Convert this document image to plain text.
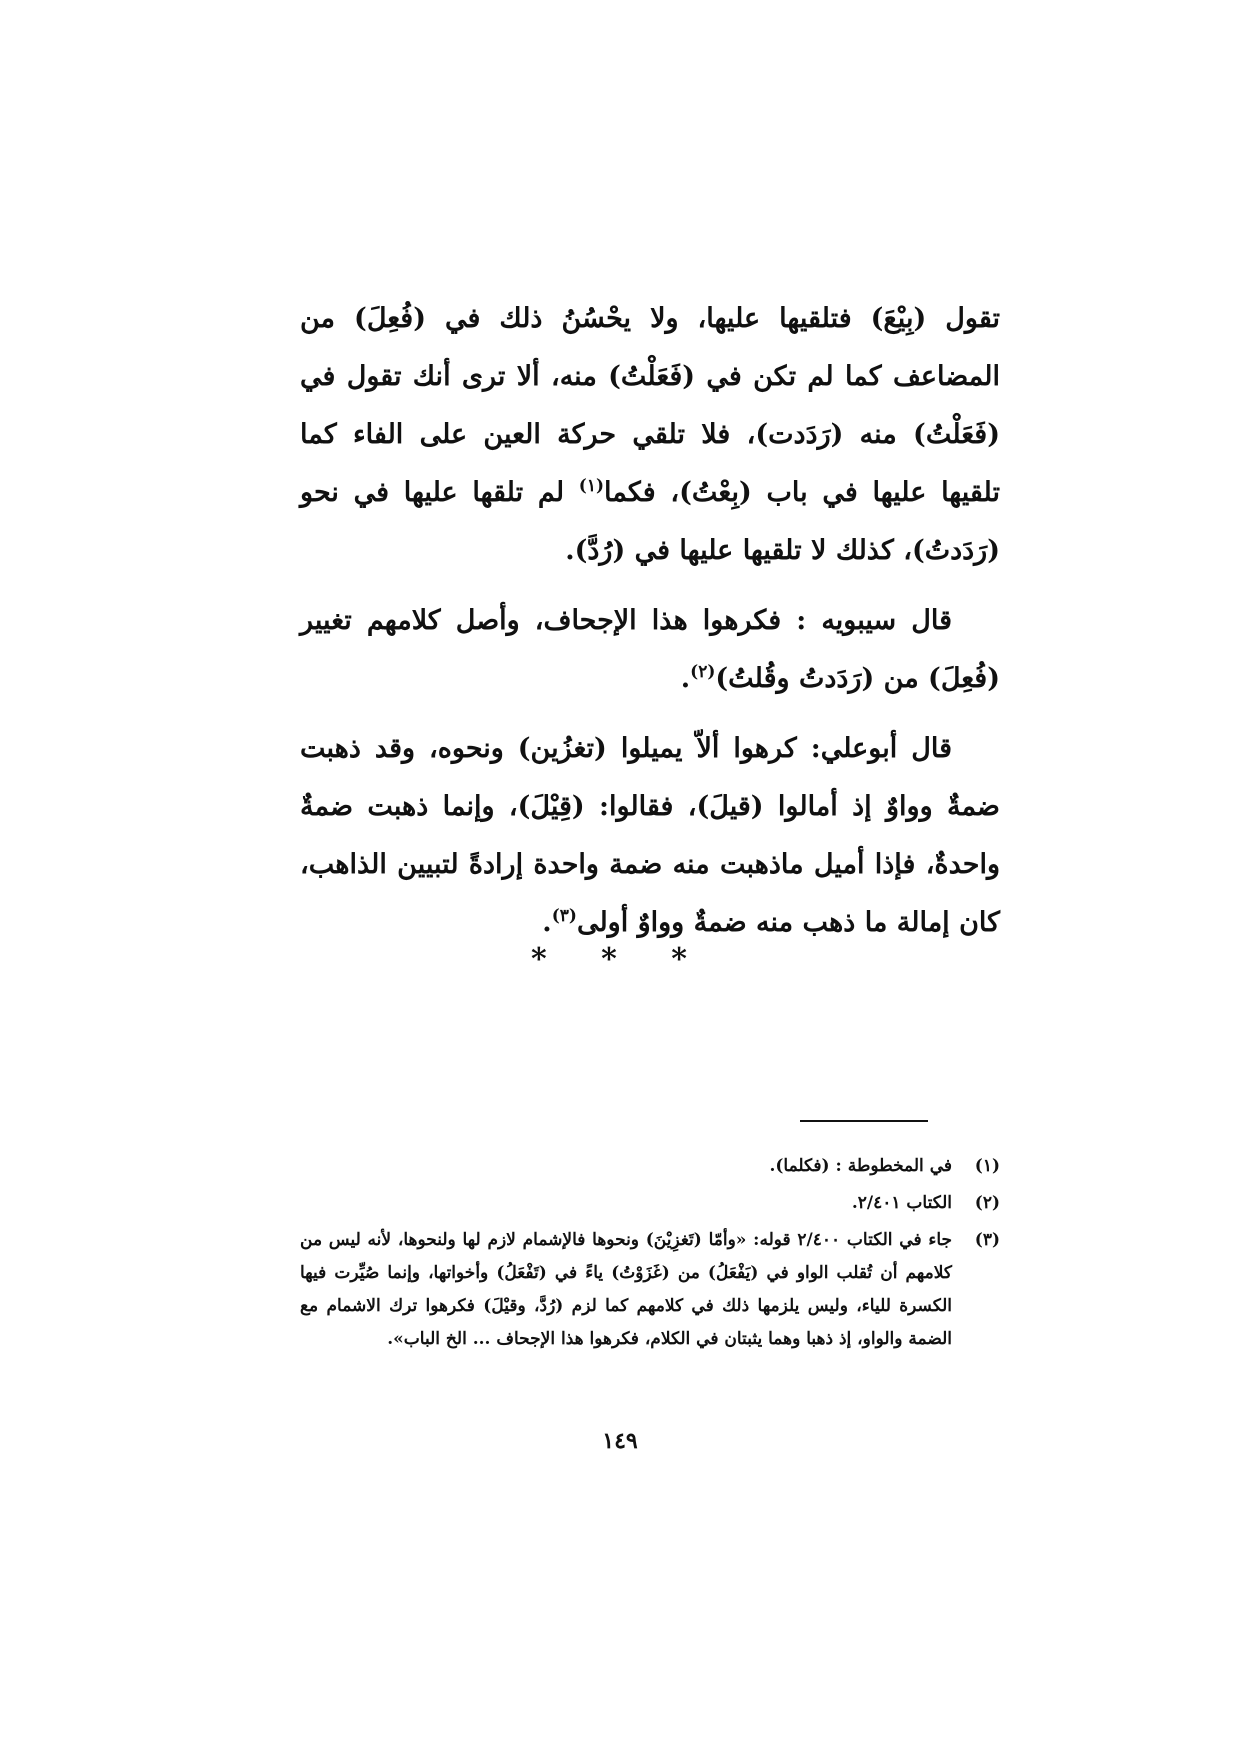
تقول (بِيْعَ) فتلقيها عليها، ولا يحْسُنُ ذلك في (فُعِلَ) من المضاعف كما لم تكن في (فَعَلْتُ) منه، ألا ترى أنك تقول في (فَعَلْتُ) منه (رَدَدت)، فلا تلقي حركة العين على الفاء كما تلقيها عليها في باب (بِعْتُ)، فكما$^{(١)}$ لم تلقها عليها في نحو (رَدَدتُ)، كذلك لا تلقيها عليها في (رُدَّ).

قال سيبويه : فكرهوا هذا الإجحاف، وأصل كلامهم تغيير (فُعِلَ) من (رَدَدتُ وقُلتُ)$^{(٢)}$.

قال أبوعلي: كرهوا ألاّ يميلوا (تغزُين) ونحوه، وقد ذهبت ضمةٌ وواوٌ إذ أمالوا (قيلَ)، فقالوا: (قِيْلَ)، وإنما ذهبت ضمةٌ واحدةٌ، فإذا أميل ماذهبت منه ضمة واحدة إرادةً لتبيين الذاهب، كان إمالة ما ذهب منه ضمةٌ وواوٌ أولى$^{(٣)}$.

* * *
(١)
في المخطوطة : (فكلما).
(٢)
الكتاب ٢/٤٠١.
(٣)
جاء في الكتاب ٢/٤٠٠ قوله: «وأمّا (تَغزِيْنَ) ونحوها فالإشمام لازم لها ولنحوها، لأنه ليس من كلامهم أن تُقلب الواو في (يَفْعَلُ) من (غَزَوْتُ) ياءً في (تَفْعَلُ) وأخواتها، وإنما صُيِّرت فيها الكسرة للياء، وليس يلزمها ذلك في كلامهم كما لزم (رُدَّ، وقيْلَ) فكرهوا ترك الاشمام مع الضمة والواو، إذ ذهبا وهما يثبتان في الكلام، فكرهوا هذا الإجحاف ... الخ الباب».
١٤٩
